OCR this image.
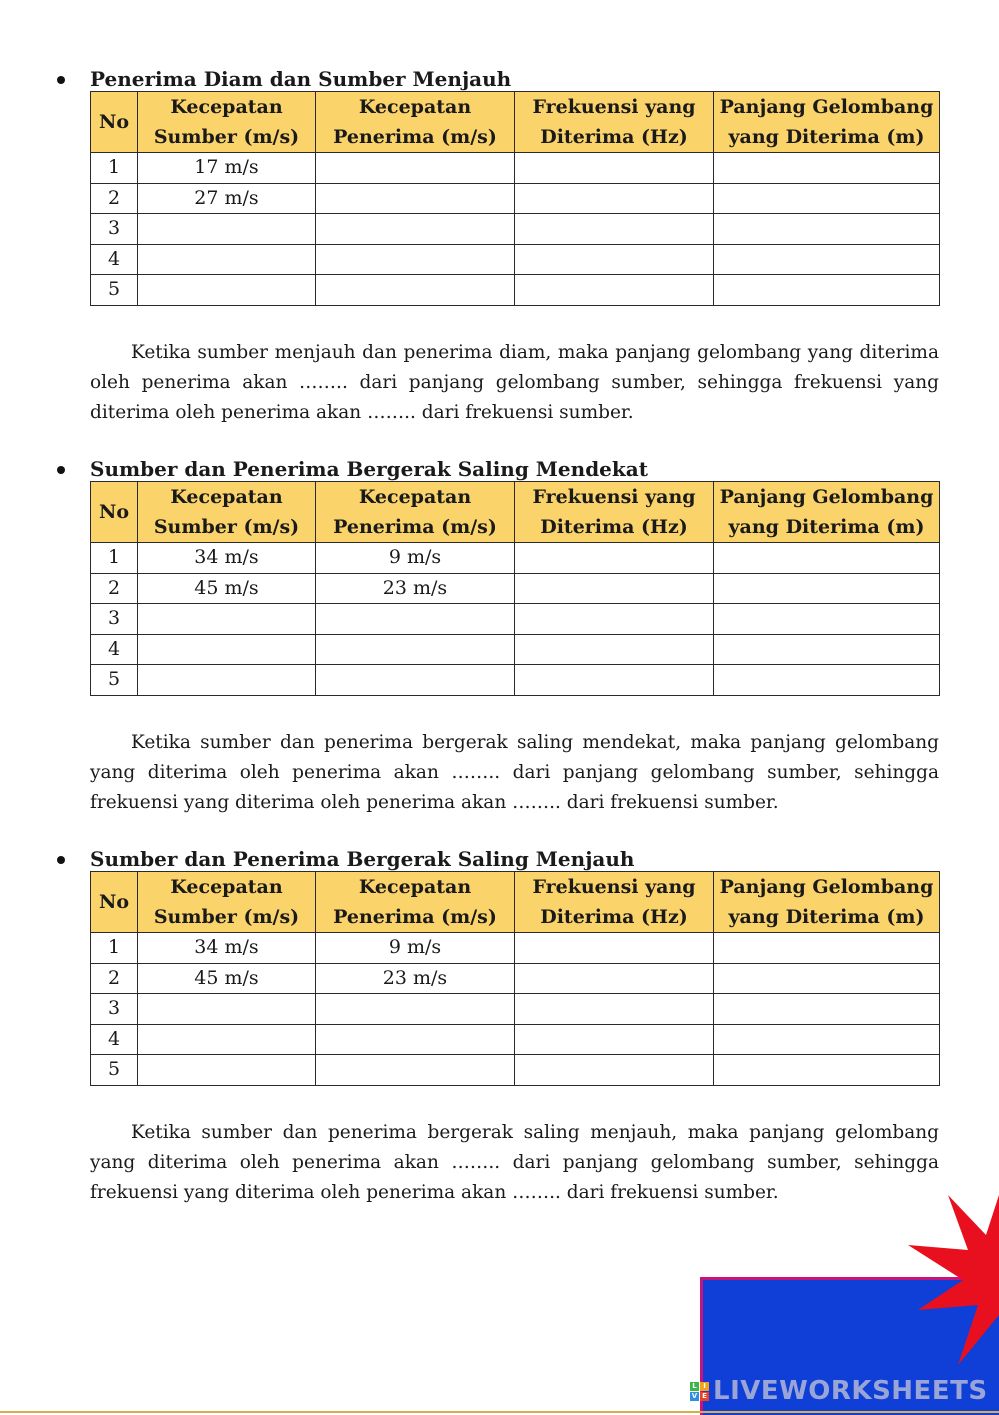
Penerima Diam dan Sumber Menjauh
No	Kecepatan Sumber (m/s)	Kecepatan Penerima (m/s)	Frekuensi yang Diterima (Hz)	Panjang Gelombang yang Diterima (m)
1	17 m/s			
2	27 m/s			
3				
4				
5				
Ketika sumber menjauh dan penerima diam, maka panjang gelombang yang diterima oleh penerima akan …….. dari panjang gelombang sumber, sehingga frekuensi yang diterima oleh penerima akan …….. dari frekuensi sumber.
Sumber dan Penerima Bergerak Saling Mendekat
No	Kecepatan Sumber (m/s)	Kecepatan Penerima (m/s)	Frekuensi yang Diterima (Hz)	Panjang Gelombang yang Diterima (m)
1	34 m/s	9 m/s		
2	45 m/s	23 m/s		
3				
4				
5				
Ketika sumber dan penerima bergerak saling mendekat, maka panjang gelombang yang diterima oleh penerima akan …….. dari panjang gelombang sumber, sehingga frekuensi yang diterima oleh penerima akan …….. dari frekuensi sumber.
Sumber dan Penerima Bergerak Saling Menjauh
No	Kecepatan Sumber (m/s)	Kecepatan Penerima (m/s)	Frekuensi yang Diterima (Hz)	Panjang Gelombang yang Diterima (m)
1	34 m/s	9 m/s		
2	45 m/s	23 m/s		
3				
4				
5				
Ketika sumber dan penerima bergerak saling menjauh, maka panjang gelombang yang diterima oleh penerima akan …….. dari panjang gelombang sumber, sehingga frekuensi yang diterima oleh penerima akan …….. dari frekuensi sumber.
L I
V E LIVEWORKSHEETS
